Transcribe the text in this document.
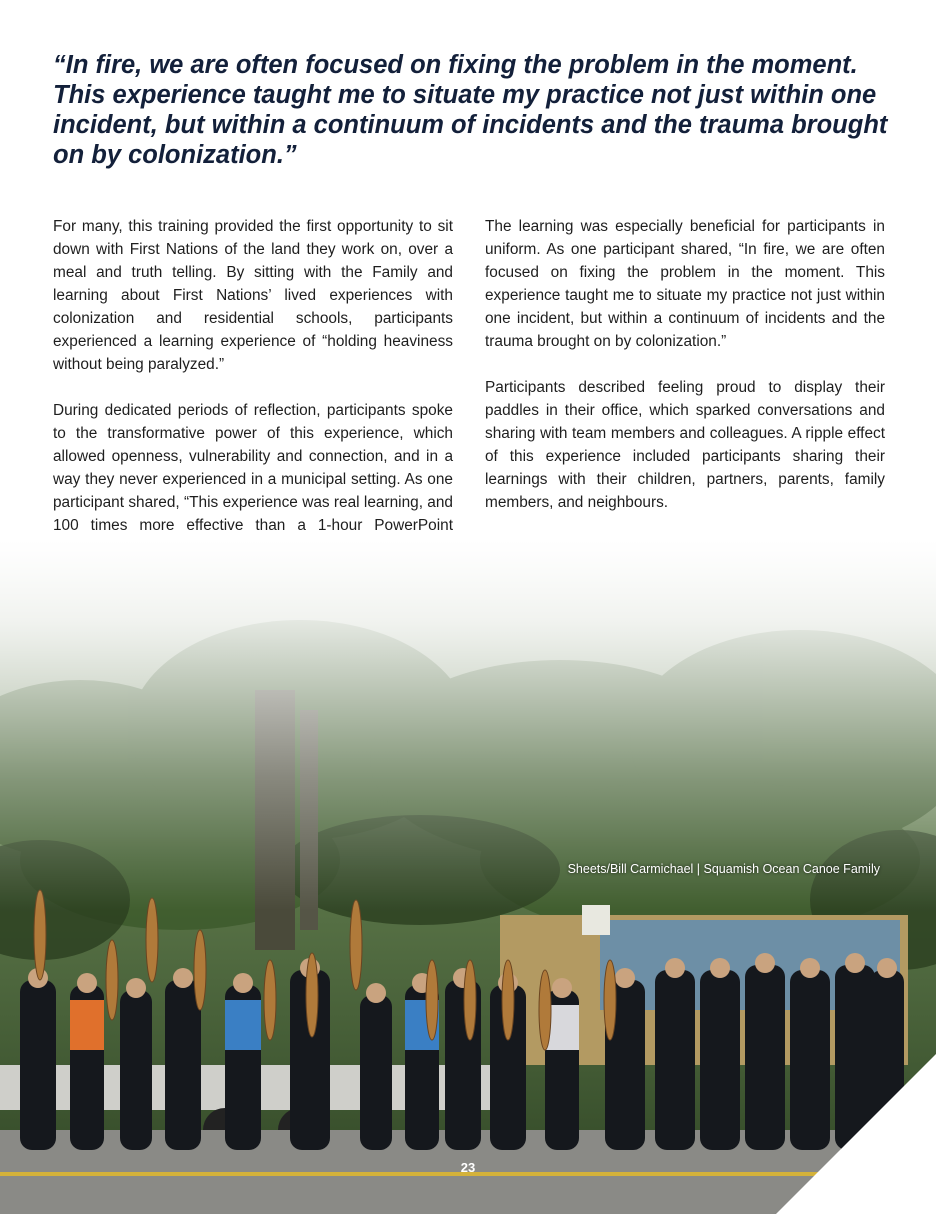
“In fire, we are often focused on fixing the problem in the moment. This experience taught me to situate my practice not just within one incident, but within a continuum of incidents and the trauma brought on by colonization.”

For many, this training provided the first opportunity to sit down with First Nations of the land they work on, over a meal and truth telling. By sitting with the Family and learning about First Nations’ lived experiences with colonization and residential schools, participants experienced a learning experience of “holding heaviness without being paralyzed.”

During dedicated periods of reflection, participants spoke to the transformative power of this experience, which allowed openness, vulnerability and connection, and in a way they never experienced in a municipal setting. As one participant shared, “This experience was real learning, and 100 times more effective than a 1-hour PowerPoint

The learning was especially beneficial for participants in uniform. As one participant shared, “In fire, we are often focused on fixing the problem in the moment. This experience taught me to situate my practice not just within one incident, but within a continuum of incidents and the trauma brought on by colonization.”

Participants described feeling proud to display their paddles in their office, which sparked conversations and sharing with team members and colleagues. A ripple effect of this experience included participants sharing their learnings with their children, partners, parents, family members, and neighbours.

Sheets/Bill Carmichael | Squamish Ocean Canoe Family
23
